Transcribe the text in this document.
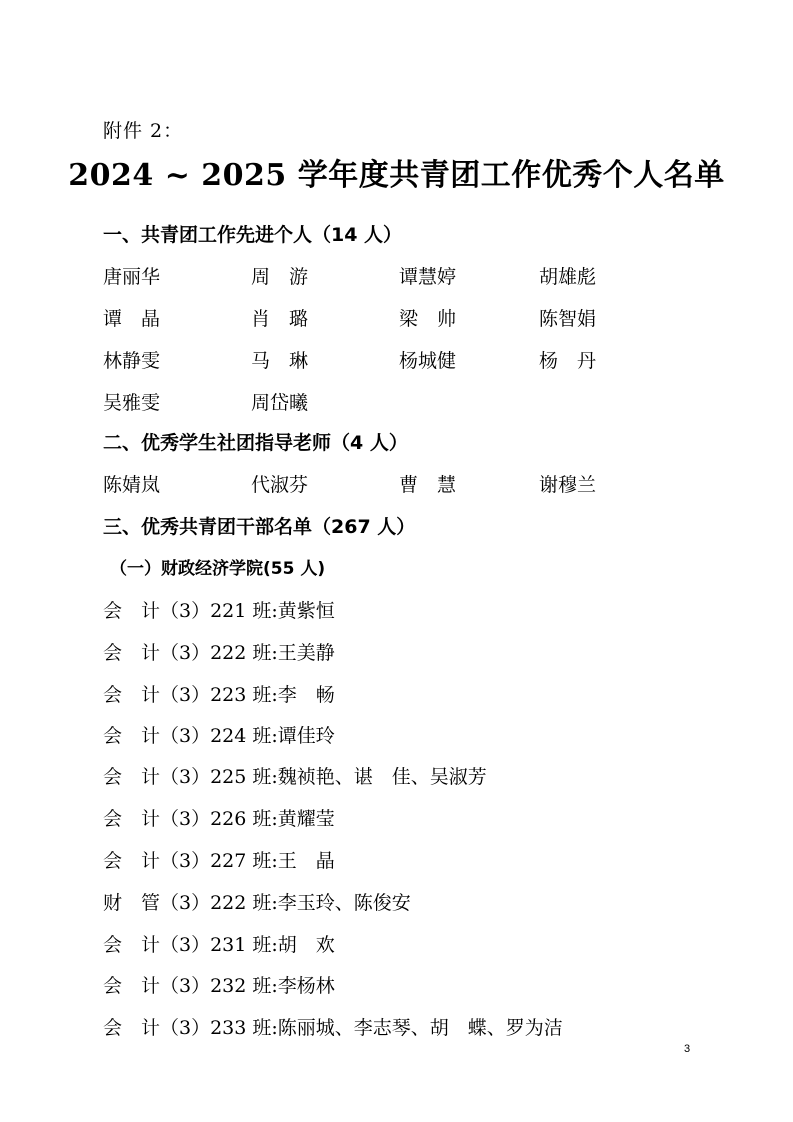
附件 2：
2024 ~ 2025 学年度共青团工作优秀个人名单
一、共青团工作先进个人（14 人）
唐丽华	周　游	谭慧婷	胡雄彪
谭　晶	肖　璐	梁　帅	陈智娟
林静雯	马　琳	杨城健	杨　丹
吴雅雯	周岱曦
二、优秀学生社团指导老师（4 人）
陈婧岚	代淑芬	曹　慧	谢穆兰
三、优秀共青团干部名单（267 人）
（一）财政经济学院(55 人)
会　计（3）221 班:黄紫恒
会　计（3）222 班:王美静
会　计（3）223 班:李　畅
会　计（3）224 班:谭佳玲
会　计（3）225 班:魏祯艳、谌　佳、吴淑芳
会　计（3）226 班:黄耀莹
会　计（3）227 班:王　晶
财　管（3）222 班:李玉玲、陈俊安
会　计（3）231 班:胡　欢
会　计（3）232 班:李杨林
会　计（3）233 班:陈丽城、李志琴、胡　蝶、罗为洁
3
